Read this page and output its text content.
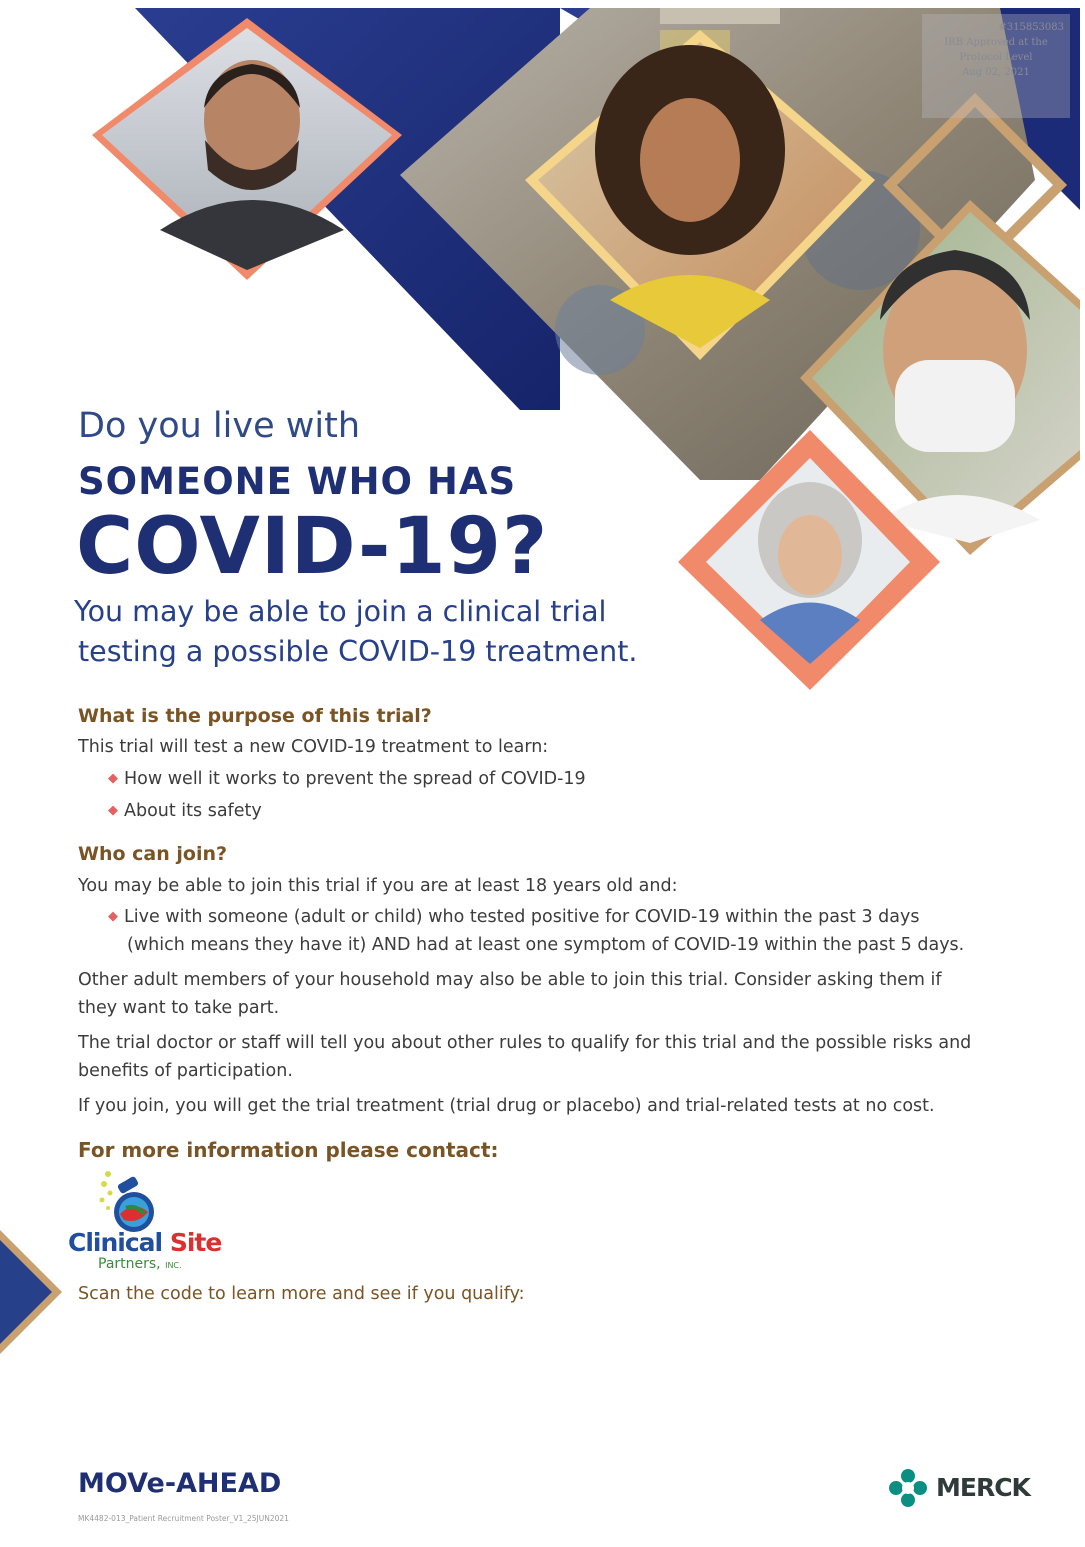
#315853083
IRB Approved at the
Protocol Level
Aug 02, 2021
Do you live with
SOMEONE WHO HAS
COVID-19?
You may be able to join a clinical trial
testing a possible COVID-19 treatment.
What is the purpose of this trial?
This trial will test a new COVID-19 treatment to learn:
◆ How well it works to prevent the spread of COVID-19
◆ About its safety
Who can join?
You may be able to join this trial if you are at least 18 years old and:
◆ Live with someone (adult or child) who tested positive for COVID-19 within the past 3 days
(which means they have it) AND had at least one symptom of COVID-19 within the past 5 days.
Other adult members of your household may also be able to join this trial. Consider asking them if
they want to take part.
The trial doctor or staff will tell you about other rules to qualify for this trial and the possible risks and
benefits of participation.
If you join, you will get the trial treatment (trial drug or placebo) and trial-related tests at no cost.
For more information please contact:
Clinical Site
Partners, INC.
Scan the code to learn more and see if you qualify:
MOVe-AHEAD
MK4482-013_Patient Recruitment Poster_V1_25JUN2021
MERCK
